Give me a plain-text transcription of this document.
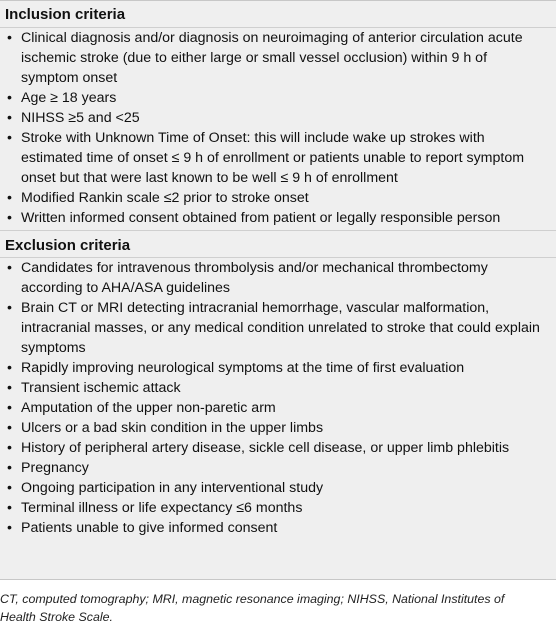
Inclusion criteria
• Clinical diagnosis and/or diagnosis on neuroimaging of anterior circulation acute ischemic stroke (due to either large or small vessel occlusion) within 9 h of symptom onset
• Age ≥ 18 years
• NIHSS ≥5 and <25
• Stroke with Unknown Time of Onset: this will include wake up strokes with estimated time of onset ≤ 9 h of enrollment or patients unable to report symptom onset but that were last known to be well ≤ 9 h of enrollment
• Modified Rankin scale ≤2 prior to stroke onset
• Written informed consent obtained from patient or legally responsible person
Exclusion criteria
• Candidates for intravenous thrombolysis and/or mechanical thrombectomy according to AHA/ASA guidelines
• Brain CT or MRI detecting intracranial hemorrhage, vascular malformation, intracranial masses, or any medical condition unrelated to stroke that could explain symptoms
• Rapidly improving neurological symptoms at the time of first evaluation
• Transient ischemic attack
• Amputation of the upper non-paretic arm
• Ulcers or a bad skin condition in the upper limbs
• History of peripheral artery disease, sickle cell disease, or upper limb phlebitis
• Pregnancy
• Ongoing participation in any interventional study
• Terminal illness or life expectancy ≤6 months
• Patients unable to give informed consent
CT, computed tomography; MRI, magnetic resonance imaging; NIHSS, National Institutes of Health Stroke Scale.
